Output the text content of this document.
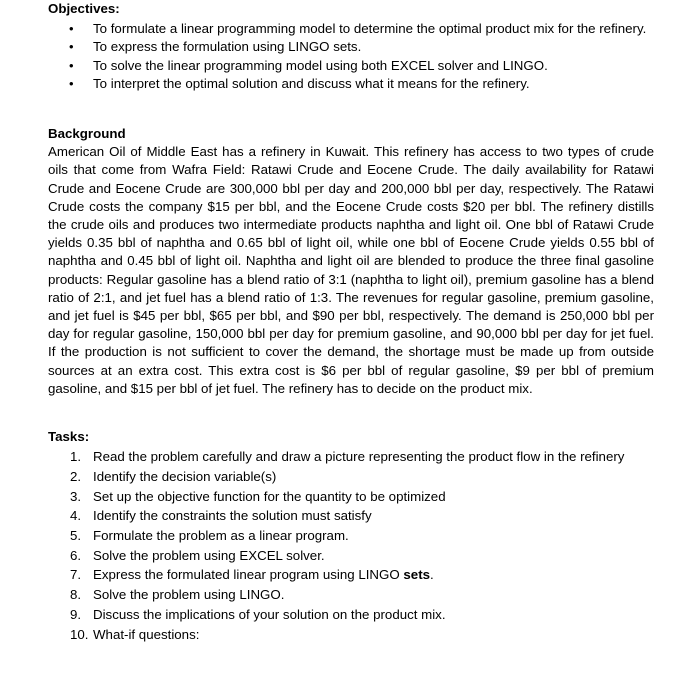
Objectives:

• To formulate a linear programming model to determine the optimal product mix for the refinery.
• To express the formulation using LINGO sets.
• To solve the linear programming model using both EXCEL solver and LINGO.
• To interpret the optimal solution and discuss what it means for the refinery.

Background

American Oil of Middle East has a refinery in Kuwait. This refinery has access to two types of crude oils that come from Wafra Field: Ratawi Crude and Eocene Crude. The daily availability for Ratawi Crude and Eocene Crude are 300,000 bbl per day and 200,000 bbl per day, respectively. The Ratawi Crude costs the company $15 per bbl, and the Eocene Crude costs $20 per bbl. The refinery distills the crude oils and produces two intermediate products naphtha and light oil. One bbl of Ratawi Crude yields 0.35 bbl of naphtha and 0.65 bbl of light oil, while one bbl of Eocene Crude yields 0.55 bbl of naphtha and 0.45 bbl of light oil. Naphtha and light oil are blended to produce the three final gasoline products: Regular gasoline has a blend ratio of 3:1 (naphtha to light oil), premium gasoline has a blend ratio of 2:1, and jet fuel has a blend ratio of 1:3. The revenues for regular gasoline, premium gasoline, and jet fuel is $45 per bbl, $65 per bbl, and $90 per bbl, respectively. The demand is 250,000 bbl per day for regular gasoline, 150,000 bbl per day for premium gasoline, and 90,000 bbl per day for jet fuel. If the production is not sufficient to cover the demand, the shortage must be made up from outside sources at an extra cost. This extra cost is $6 per bbl of regular gasoline, $9 per bbl of premium gasoline, and $15 per bbl of jet fuel. The refinery has to decide on the product mix.

Tasks:

1. Read the problem carefully and draw a picture representing the product flow in the refinery
2. Identify the decision variable(s)
3. Set up the objective function for the quantity to be optimized
4. Identify the constraints the solution must satisfy
5. Formulate the problem as a linear program.
6. Solve the problem using EXCEL solver.
7. Express the formulated linear program using LINGO sets.
8. Solve the problem using LINGO.
9. Discuss the implications of your solution on the product mix.
10. What-if questions:
